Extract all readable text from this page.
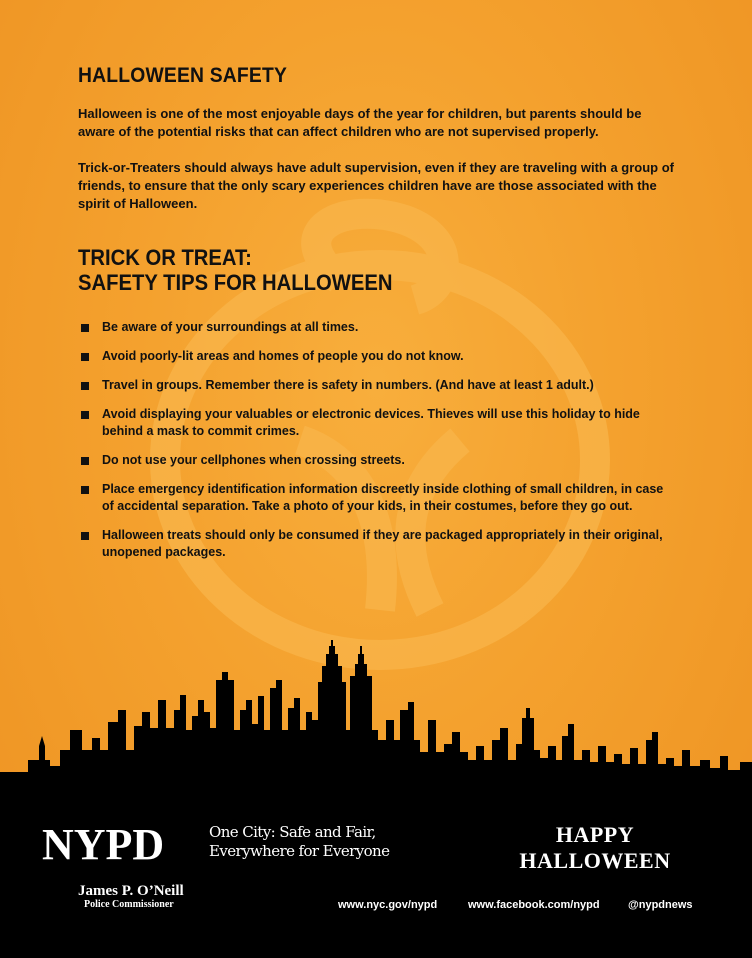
HALLOWEEN SAFETY

Halloween is one of the most enjoyable days of the year for children, but parents should be aware of the potential risks that can affect children who are not supervised properly.

Trick-or-Treaters should always have adult supervision, even if they are traveling with a group of friends, to ensure that the only scary experiences children have are those associated with the spirit of Halloween.

TRICK OR TREAT:
SAFETY TIPS FOR HALLOWEEN
Be aware of your surroundings at all times.
Avoid poorly-lit areas and homes of people you do not know.
Travel in groups. Remember there is safety in numbers. (And have at least 1 adult.)
Avoid displaying your valuables or electronic devices. Thieves will use this holiday to hide behind a mask to commit crimes.
Do not use your cellphones when crossing streets.
Place emergency identification information discreetly inside clothing of small children, in case of accidental separation. Take a photo of your kids, in their costumes, before they go out.
Halloween treats should only be consumed if they are packaged appropriately in their original, unopened packages.
NYPD	One City: Safe and Fair,
Everywhere for Everyone
HAPPY
HALLOWEEN
James P. O’Neill
Police Commissioner	www.nyc.gov/nypd	www.facebook.com/nypd	@nypdnews
